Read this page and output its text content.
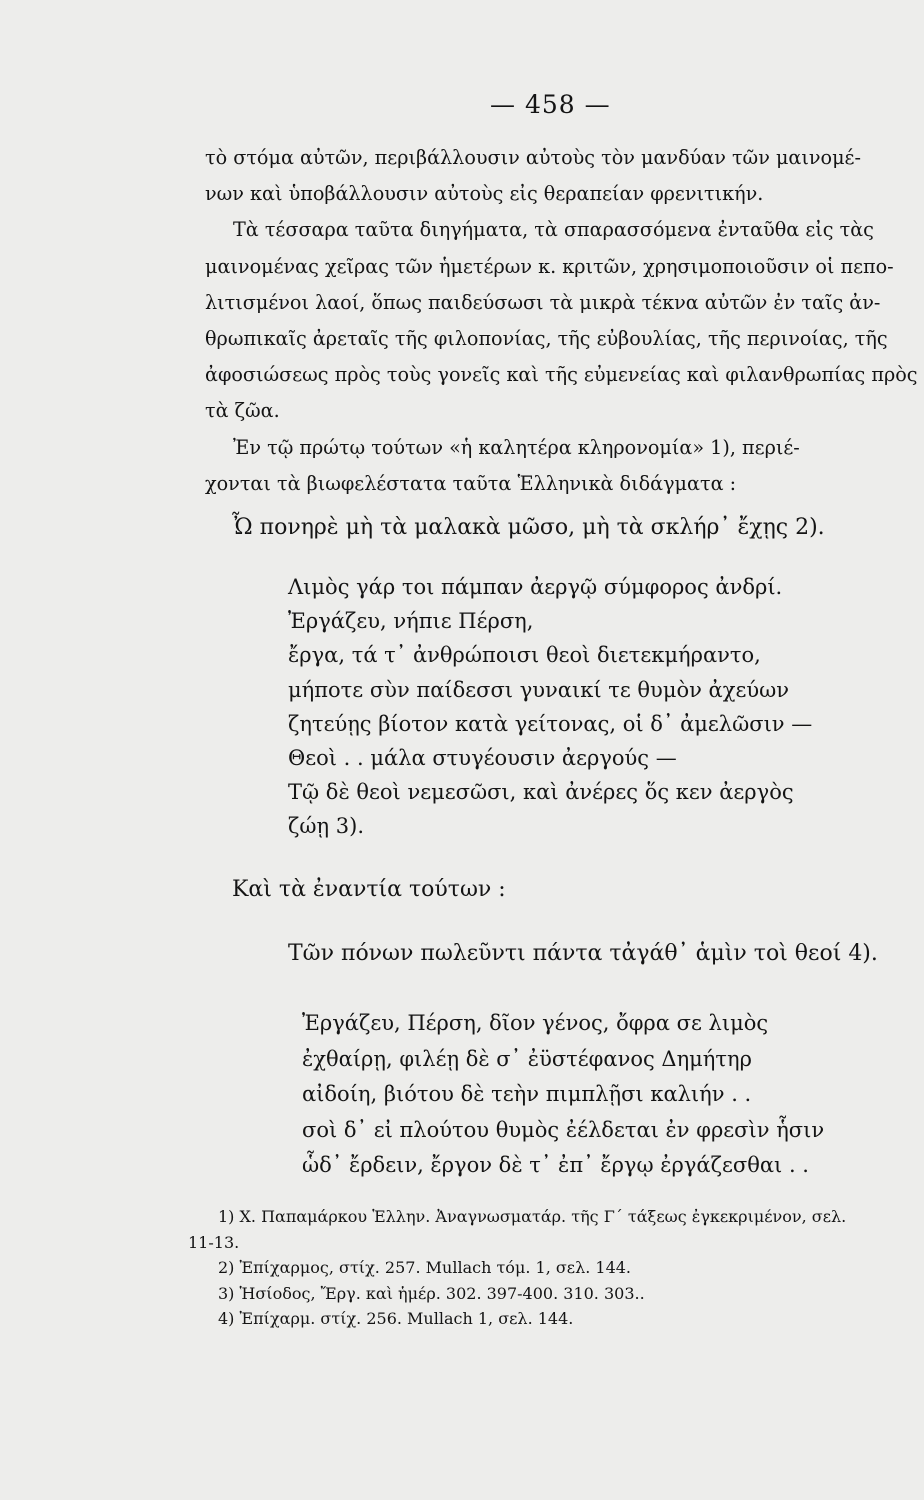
— 458 —
τὸ στόμα αὐτῶν, περιβάλλουσιν αὐτοὺς τὸν μανδύαν τῶν μαινομέ-
νων καὶ ὑποβάλλουσιν αὐτοὺς εἰς θεραπείαν φρενιτικήν.
Τὰ τέσσαρα ταῦτα διηγήματα, τὰ σπαρασσόμενα ἐνταῦθα εἰς τὰς
μαινομένας χεῖρας τῶν ἡμετέρων κ. κριτῶν, χρησιμοποιοῦσιν οἱ πεπο-
λιτισμένοι λαοί, ὅπως παιδεύσωσι τὰ μικρὰ τέκνα αὐτῶν ἐν ταῖς ἀν-
θρωπικαῖς ἀρεταῖς τῆς φιλοπονίας, τῆς εὐβουλίας, τῆς περινοίας, τῆς
ἀφοσιώσεως πρὸς τοὺς γονεῖς καὶ τῆς εὐμενείας καὶ φιλανθρωπίας πρὸς
τὰ ζῶα.
Ἐν τῷ πρώτῳ τούτων «ἡ καλητέρα κληρονομία» 1), περιέ-
χονται τὰ βιωφελέστατα ταῦτα Ἑλληνικὰ διδάγματα :
Ὦ πονηρὲ μὴ τὰ μαλακὰ μῶσο, μὴ τὰ σκλήρ᾽ ἔχῃς 2).
Λιμὸς γάρ τοι πάμπαν ἀεργῷ σύμφορος ἀνδρί.
Ἐργάζευ, νήπιε Πέρση,
ἔργα, τά τ᾽ ἀνθρώποισι θεοὶ διετεκμήραντο,
μήποτε σὺν παίδεσσι γυναικί τε θυμὸν ἀχεύων
ζητεύῃς βίοτον κατὰ γείτονας, οἱ δ᾽ ἀμελῶσιν —
Θεοὶ . . μάλα στυγέουσιν ἀεργούς —
Τῷ δὲ θεοὶ νεμεσῶσι, καὶ ἀνέρες ὅς κεν ἀεργὸς
ζώῃ 3).
Καὶ τὰ ἐναντία τούτων :
Τῶν πόνων πωλεῦντι πάντα τἀγάθ᾽ ἁμὶν τοὶ θεοί 4).
Ἐργάζευ, Πέρση, δῖον γένος, ὄφρα σε λιμὸς
ἐχθαίρῃ, φιλέῃ δὲ σ᾽ ἐϋστέφανος Δημήτηρ
αἰδοίη, βιότου δὲ τεὴν πιμπλῇσι καλιήν . .
σοὶ δ᾽ εἰ πλούτου θυμὸς ἐέλδεται ἐν φρεσὶν ἧσιν
ὧδ᾽ ἔρδειν, ἔργον δὲ τ᾽ ἐπ᾽ ἔργῳ ἐργάζεσθαι . .
1) Χ. Παπαμάρκου Ἑλλην. Ἀναγνωσματάρ. τῆς Γ´ τάξεως ἐγκεκριμένον, σελ.
11-13.
2) Ἐπίχαρμος, στίχ. 257. Mullach τόμ. 1, σελ. 144.
3) Ἡσίοδος, Ἔργ. καὶ ἡμέρ. 302. 397-400. 310. 303..
4) Ἐπίχαρμ. στίχ. 256. Mullach 1, σελ. 144.
